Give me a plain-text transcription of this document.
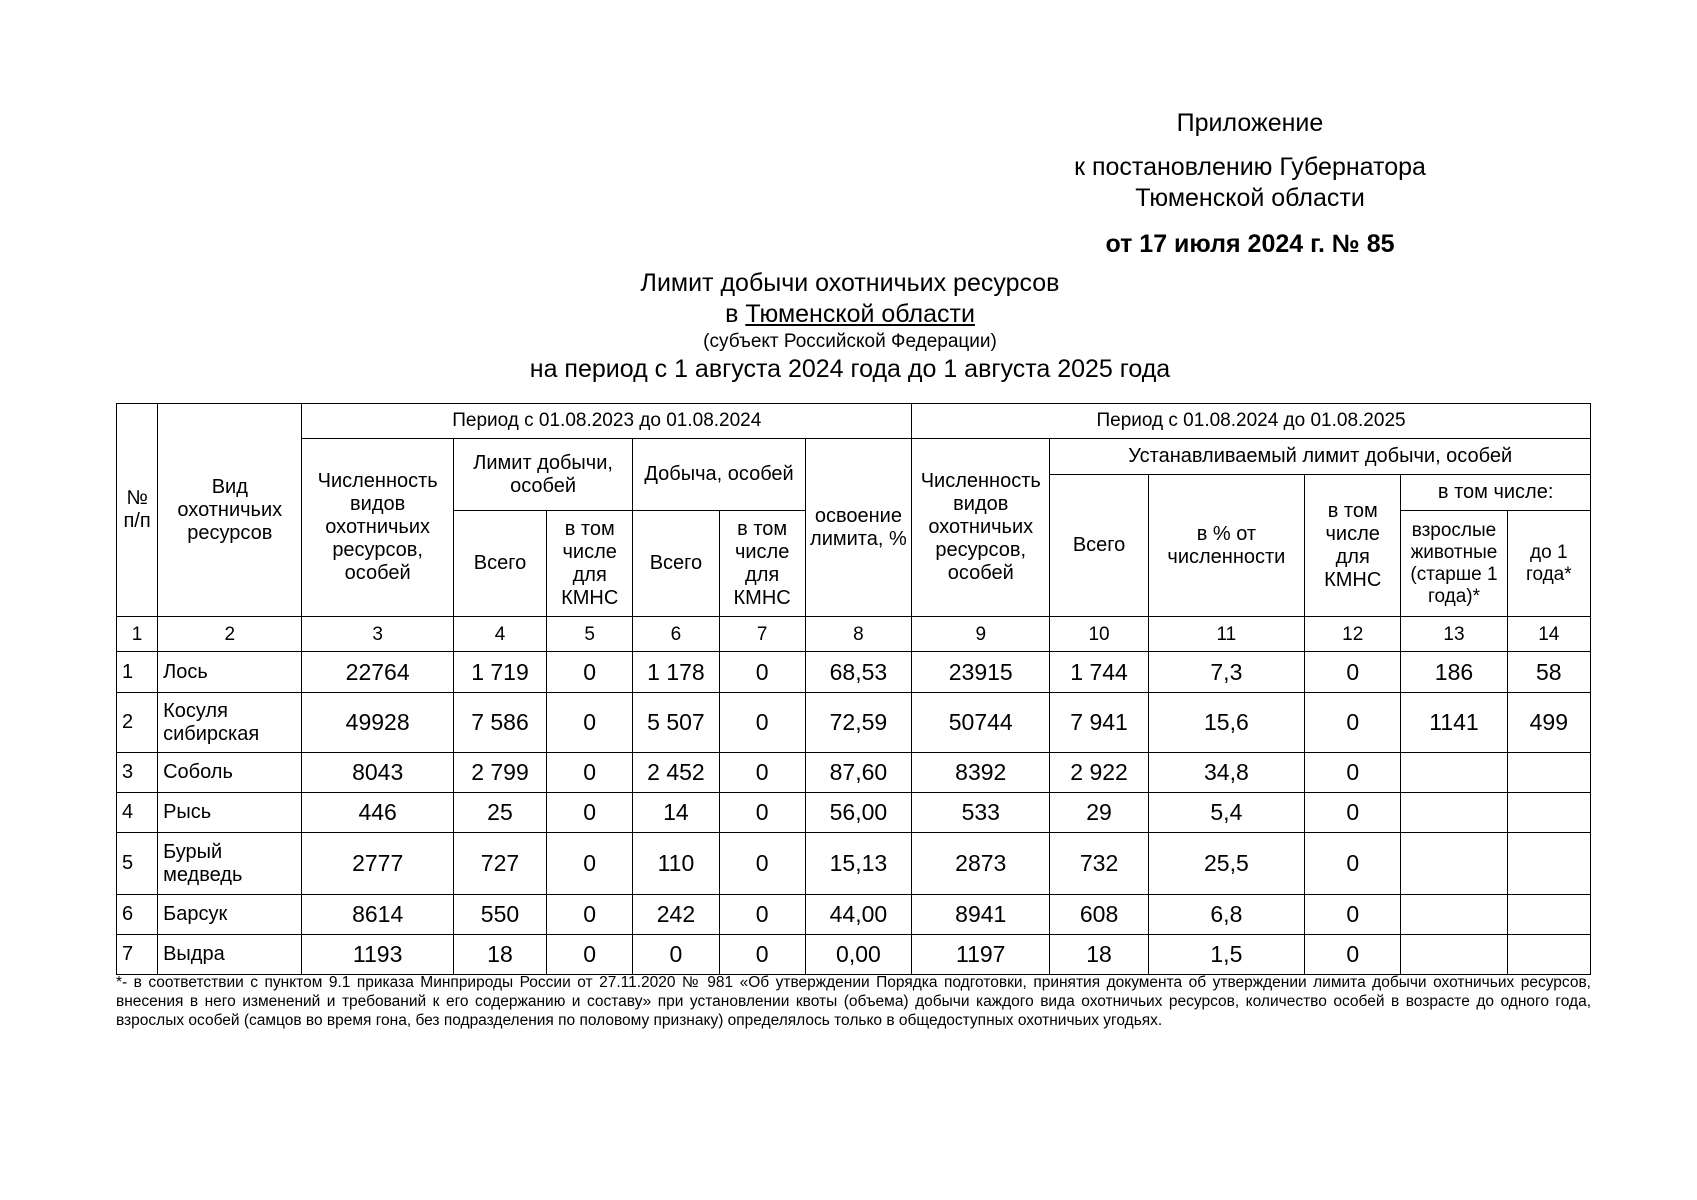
Приложение
к постановлению Губернатора
Тюменской области
от 17 июля 2024 г. № 85
Лимит добычи охотничьих ресурсов
в Тюменской области
(субъект Российской Федерации)
на период с 1 августа 2024 года до 1 августа 2025 года
№ п/п	Вид охотничьих ресурсов	Период с 01.08.2023 до 01.08.2024						Период с 01.08.2024 до 01.08.2025					
		Численность видов охотничьих ресурсов, особей	Лимит добычи, особей		Добыча, особей		освоение лимита, %	Численность видов охотничьих ресурсов, особей	Устанавливаемый лимит добычи, особей				
									Всего	в % от численности	в том числе для КМНС	в том числе:	
			Всего	в том числе для КМНС	Всего	в том числе для КМНС						взрослые животные (старше 1 года)*	до 1 года*
1	2	3	4	5	6	7	8	9	10	11	12	13	14
1	Лось	22764	1 719	0	1 178	0	68,53	23915	1 744	7,3	0	186	58
2	Косуля сибирская	49928	7 586	0	5 507	0	72,59	50744	7 941	15,6	0	1141	499
3	Соболь	8043	2 799	0	2 452	0	87,60	8392	2 922	34,8	0		
4	Рысь	446	25	0	14	0	56,00	533	29	5,4	0		
5	Бурый медведь	2777	727	0	110	0	15,13	2873	732	25,5	0		
6	Барсук	8614	550	0	242	0	44,00	8941	608	6,8	0		
7	Выдра	1193	18	0	0	0	0,00	1197	18	1,5	0		
*- в соответствии с пунктом 9.1 приказа Минприроды России от 27.11.2020 № 981 «Об утверждении Порядка подготовки, принятия документа об утверждении лимита добычи охотничьих ресурсов, внесения в него изменений и требований к его содержанию и составу» при установлении квоты (объема) добычи каждого вида охотничьих ресурсов, количество особей в возрасте до одного года, взрослых особей (самцов во время гона, без подразделения по половому признаку) определялось только в общедоступных охотничьих угодьях.
